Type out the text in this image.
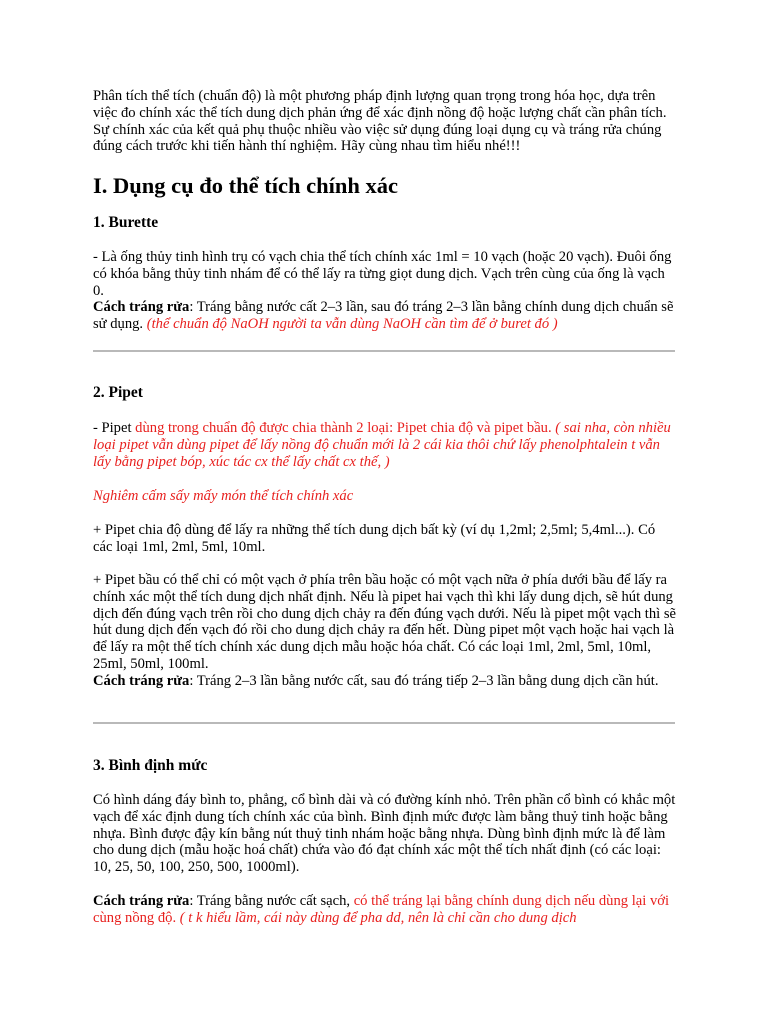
Phân tích thể tích (chuẩn độ) là một phương pháp định lượng quan trọng trong hóa học, dựa trên việc đo chính xác thể tích dung dịch phản ứng để xác định nồng độ hoặc lượng chất cần phân tích. Sự chính xác của kết quả phụ thuộc nhiều vào việc sử dụng đúng loại dụng cụ và tráng rửa chúng đúng cách trước khi tiến hành thí nghiệm. Hãy cùng nhau tìm hiểu nhé!!!

I. Dụng cụ đo thể tích chính xác
1. Burette

- Là ống thủy tinh hình trụ có vạch chia thể tích chính xác 1ml = 10 vạch (hoặc 20 vạch). Đuôi ống có khóa bằng thủy tinh nhám để có thể lấy ra từng giọt dung dịch. Vạch trên cùng của ống là vạch 0.

Cách tráng rửa: Tráng bằng nước cất 2–3 lần, sau đó tráng 2–3 lần bằng chính dung dịch chuẩn sẽ sử dụng. (thể chuẩn độ NaOH người ta vẫn dùng NaOH cần tìm để ở buret đó )

2. Pipet

- Pipet dùng trong chuẩn độ được chia thành 2 loại: Pipet chia độ và pipet bầu. ( sai nha, còn nhiều loại pipet vẫn dùng pipet để lấy nồng độ chuẩn mới là 2 cái kia thôi chứ lấy phenolphtalein t vẫn lấy bằng pipet bóp, xúc tác cx thể lấy chất cx thế, )

Nghiêm cấm sấy mấy món thể tích chính xác

+ Pipet chia độ dùng để lấy ra những thể tích dung dịch bất kỳ (ví dụ 1,2ml; 2,5ml; 5,4ml...). Có các loại 1ml, 2ml, 5ml, 10ml.

+ Pipet bầu có thể chỉ có một vạch ở phía trên bầu hoặc có một vạch nữa ở phía dưới bầu để lấy ra chính xác một thể tích dung dịch nhất định. Nếu là pipet hai vạch thì khi lấy dung dịch, sẽ hút dung dịch đến đúng vạch trên rồi cho dung dịch chảy ra đến đúng vạch dưới. Nếu là pipet một vạch thì sẽ hút dung dịch đến vạch đó rồi cho dung dịch chảy ra đến hết. Dùng pipet một vạch hoặc hai vạch là để lấy ra một thể tích chính xác dung dịch mẫu hoặc hóa chất. Có các loại 1ml, 2ml, 5ml, 10ml, 25ml, 50ml, 100ml.

Cách tráng rửa: Tráng 2–3 lần bằng nước cất, sau đó tráng tiếp 2–3 lần bằng dung dịch cần hút.

3. Bình định mức

Có hình dáng đáy bình to, phẳng, cổ bình dài và có đường kính nhỏ. Trên phần cổ bình có khắc một vạch để xác định dung tích chính xác của bình. Bình định mức được làm bằng thuỷ tinh hoặc bằng nhựa. Bình được đậy kín bằng nút thuỷ tinh nhám hoặc bằng nhựa. Dùng bình định mức là để làm cho dung dịch (mẫu hoặc hoá chất) chứa vào đó đạt chính xác một thể tích nhất định (có các loại: 10, 25, 50, 100, 250, 500, 1000ml).

Cách tráng rửa: Tráng bằng nước cất sạch, có thể tráng lại bằng chính dung dịch nếu dùng lại với cùng nồng độ. ( t k hiểu lầm, cái này dùng để pha dd, nên là chỉ cần cho dung dịch
